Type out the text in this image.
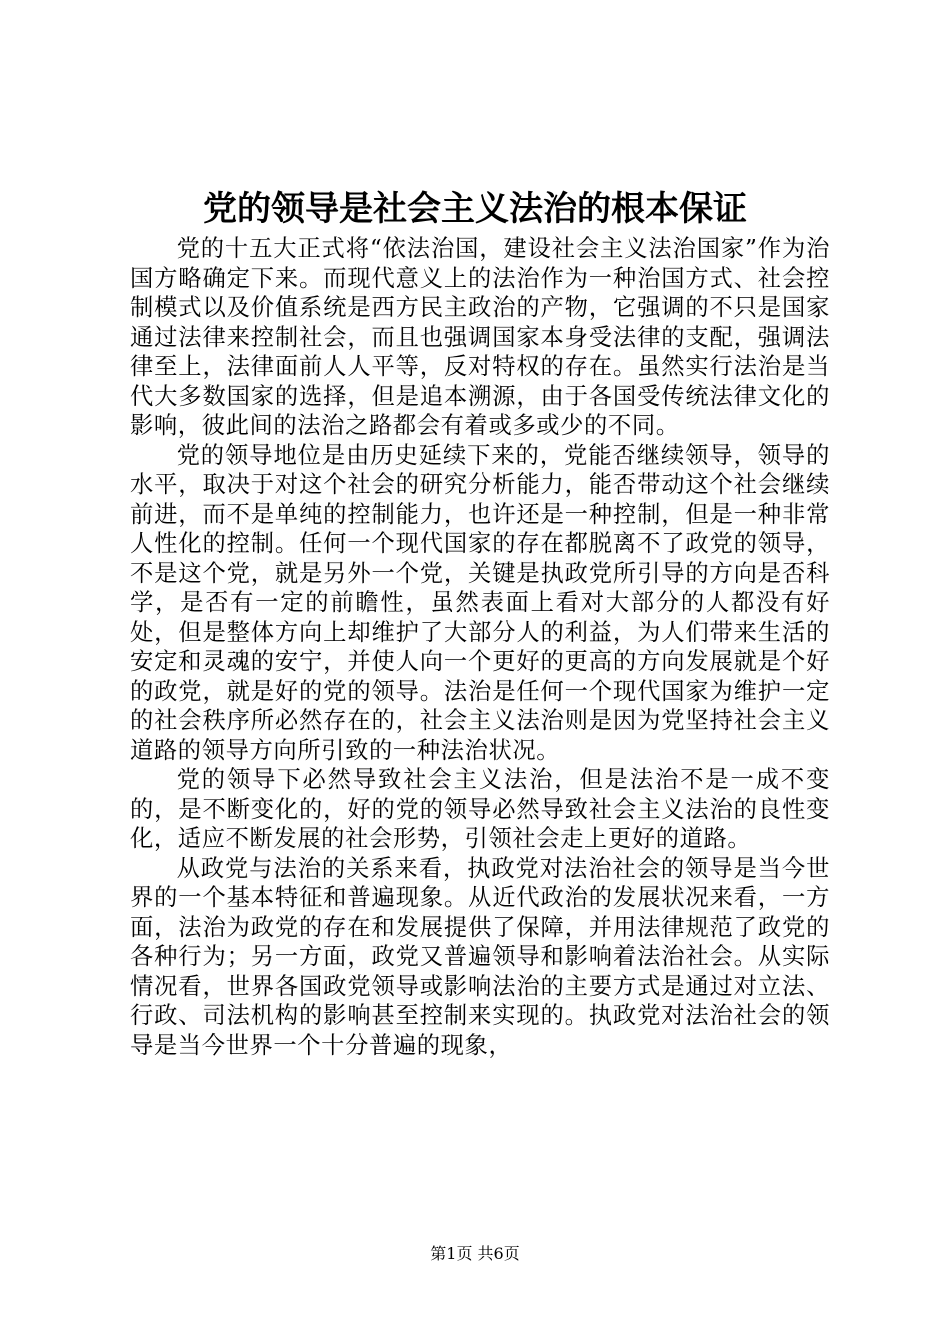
党的领导是社会主义法治的根本保证

党的十五大正式将“依法治国，建设社会主义法治国家”作为治国方略确定下来。而现代意义上的法治作为一种治国方式、社会控制模式以及价值系统是西方民主政治的产物，它强调的不只是国家通过法律来控制社会，而且也强调国家本身受法律的支配，强调法律至上，法律面前人人平等，反对特权的存在。虽然实行法治是当代大多数国家的选择，但是追本溯源，由于各国受传统法律文化的影响，彼此间的法治之路都会有着或多或少的不同。

党的领导地位是由历史延续下来的，党能否继续领导，领导的水平，取决于对这个社会的研究分析能力，能否带动这个社会继续前进，而不是单纯的控制能力，也许还是一种控制，但是一种非常人性化的控制。任何一个现代国家的存在都脱离不了政党的领导，不是这个党，就是另外一个党，关键是执政党所引导的方向是否科学，是否有一定的前瞻性，虽然表面上看对大部分的人都没有好处，但是整体方向上却维护了大部分人的利益，为人们带来生活的安定和灵魂的安宁，并使人向一个更好的更高的方向发展就是个好的政党，就是好的党的领导。法治是任何一个现代国家为维护一定的社会秩序所必然存在的，社会主义法治则是因为党坚持社会主义道路的领导方向所引致的一种法治状况。

党的领导下必然导致社会主义法治，但是法治不是一成不变的，是不断变化的，好的党的领导必然导致社会主义法治的良性变化，适应不断发展的社会形势，引领社会走上更好的道路。

从政党与法治的关系来看，执政党对法治社会的领导是当今世界的一个基本特征和普遍现象。从近代政治的发展状况来看，一方面，法治为政党的存在和发展提供了保障，并用法律规范了政党的各种行为；另一方面，政党又普遍领导和影响着法治社会。从实际情况看，世界各国政党领导或影响法治的主要方式是通过对立法、行政、司法机构的影响甚至控制来实现的。执政党对法治社会的领导是当今世界一个十分普遍的现象，

第1页 共6页
